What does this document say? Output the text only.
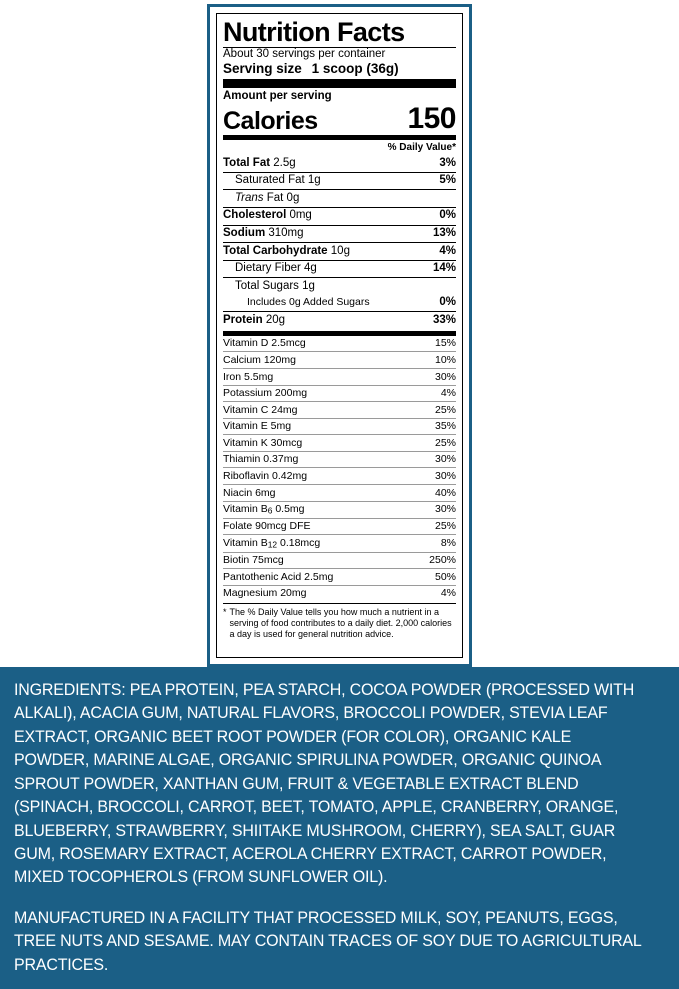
Nutrition Facts
About 30 servings per container
Serving size 1 scoop (36g)
Amount per serving
Calories	150
% Daily Value*
Total Fat 2.5g	3%
Saturated Fat 1g	5%
Trans Fat 0g
Cholesterol 0mg	0%
Sodium 310mg	13%
Total Carbohydrate 10g	4%
Dietary Fiber 4g	14%
Total Sugars 1g
Includes 0g Added Sugars	0%
Protein 20g	33%
Vitamin D 2.5mcg	15%
Calcium 120mg	10%
Iron 5.5mg	30%
Potassium 200mg	4%
Vitamin C 24mg	25%
Vitamin E 5mg	35%
Vitamin K 30mcg	25%
Thiamin 0.37mg	30%
Riboflavin 0.42mg	30%
Niacin 6mg	40%
Vitamin B6 0.5mg	30%
Folate 90mcg DFE	25%
Vitamin B12 0.18mcg	8%
Biotin 75mcg	250%
Pantothenic Acid 2.5mg	50%
Magnesium 20mg	4%
* The % Daily Value tells you how much a nutrient in a serving of food contributes to a daily diet. 2,000 calories a day is used for general nutrition advice.
INGREDIENTS: PEA PROTEIN, PEA STARCH, COCOA POWDER (PROCESSED WITH ALKALI), ACACIA GUM, NATURAL FLAVORS, BROCCOLI POWDER, STEVIA LEAF EXTRACT, ORGANIC BEET ROOT POWDER (FOR COLOR), ORGANIC KALE POWDER, MARINE ALGAE, ORGANIC SPIRULINA POWDER, ORGANIC QUINOA SPROUT POWDER, XANTHAN GUM, FRUIT & VEGETABLE EXTRACT BLEND (SPINACH, BROCCOLI, CARROT, BEET, TOMATO, APPLE, CRANBERRY, ORANGE, BLUEBERRY, STRAWBERRY, SHIITAKE MUSHROOM, CHERRY), SEA SALT, GUAR GUM, ROSEMARY EXTRACT, ACEROLA CHERRY EXTRACT, CARROT POWDER, MIXED TOCOPHEROLS (FROM SUNFLOWER OIL).
MANUFACTURED IN A FACILITY THAT PROCESSED MILK, SOY, PEANUTS, EGGS, TREE NUTS AND SESAME. MAY CONTAIN TRACES OF SOY DUE TO AGRICULTURAL PRACTICES.
